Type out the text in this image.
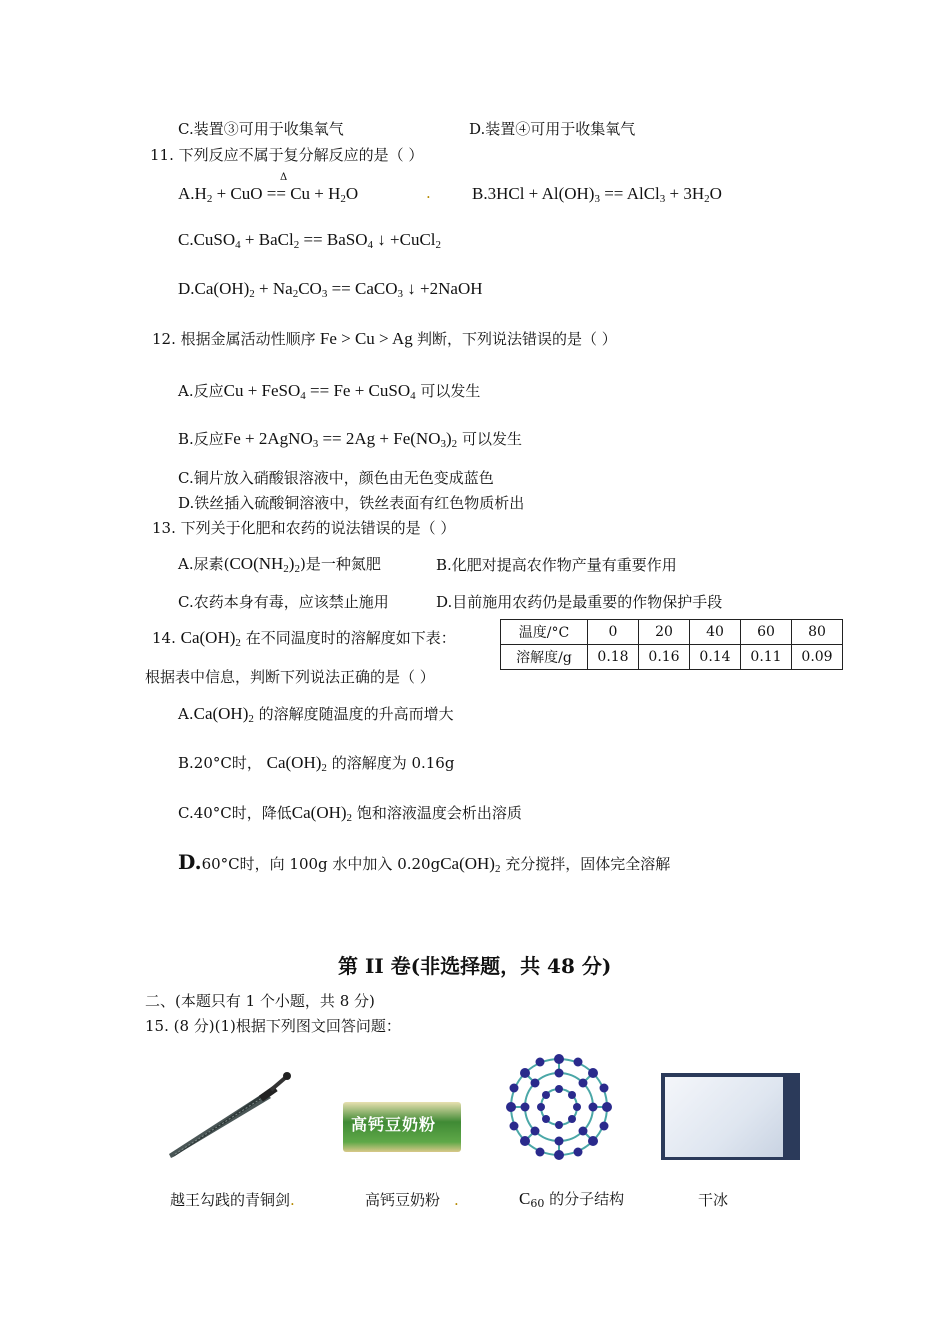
C.装置③可用于收集氧气	D.装置④可用于收集氧气
11. 下列反应不属于复分解反应的是（ ）
Δ
$A.H_2$ + CuO == $Cu + H_2O$	. $B.3HCl + Al(OH)_3$ == AlCl$_3$ + $3H_2O$
C.CuSO$_4$ + BaCl$_2$ == BaSO$_4$ ↓ +CuCl$_2$
$D.Ca(OH)_2 + Na_2CO_3$ == CaCO$_3$ ↓ +2NaOH
12. 根据金属活动性顺序 Fe > Cu > Ag 判断，下列说法错误的是（ ）
A.反应Cu + FeSO$_4$ == Fe + CuSO$_4$ 可以发生
B.反应Fe + 2AgNO$_3$ == $2Ag + Fe(NO_3)_2$ 可以发生
C.铜片放入硝酸银溶液中，颜色由无色变成蓝色
D.铁丝插入硫酸铜溶液中，铁丝表面有红色物质析出
13. 下列关于化肥和农药的说法错误的是（ ）
A.尿素$(CO(NH_2)_2)$是一种氮肥	B.化肥对提高农作物产量有重要作用
C.农药本身有毒，应该禁止施用	D.目前施用农药仍是最重要的作物保护手段
14. $Ca(OH)_2$ 在不同温度时的溶解度如下表：
根据表中信息，判断下列说法正确的是（ ）
温度/°C	0	20	40	60	80
溶解度/g	0.18	0.16	0.14	0.11	0.09
$A.Ca(OH)_2$ 的溶解度随温度的升高而增大
B.20°C时， $Ca(OH)_2$ 的溶解度为 0.16g
C.40°C时，降低$Ca(OH)_2$ 饱和溶液温度会析出溶质
D.60°C时，向 100g 水中加入 $0.20gCa(OH)_2$ 充分搅拌，固体完全溶解
第 II 卷(非选择题，共 48 分)
二、(本题只有 1 个小题，共 8 分)
15. (8 分)(1)根据下列图文回答问题：
高钙豆奶粉
越王勾践的青铜剑.	高钙豆奶粉 .	$C_{60}$ 的分子结构	干冰
